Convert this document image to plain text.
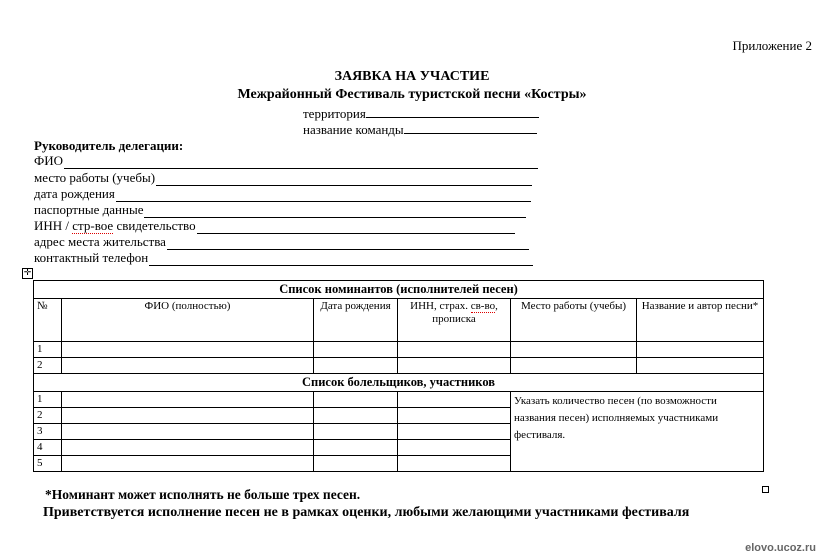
Приложение 2
ЗАЯВКА НА УЧАСТИЕ
Межрайонный Фестиваль туристской песни «Костры»
территория
название команды
Руководитель делегации:
ФИО
место работы (учебы)
дата рождения
паспортные данные
ИНН / стр-вое свидетельство
адрес места жительства
контактный телефон
✛
Список номинантов (исполнителей песен)					
№	ФИО (полностью)	Дата рождения	ИНН, страх. св-во, прописка	Место работы (учебы)	Название и автор песни*
1					
2					
Список болельщиков, участников					
1				Указать количество песен (по возможности названия песен) исполняемых участниками фестиваля.	
2					
3					
4					
5					
*Номинант может исполнять не больше трех песен.
Приветствуется исполнение песен не в рамках оценки, любыми желающими участниками фестиваля
elovo.ucoz.ru
